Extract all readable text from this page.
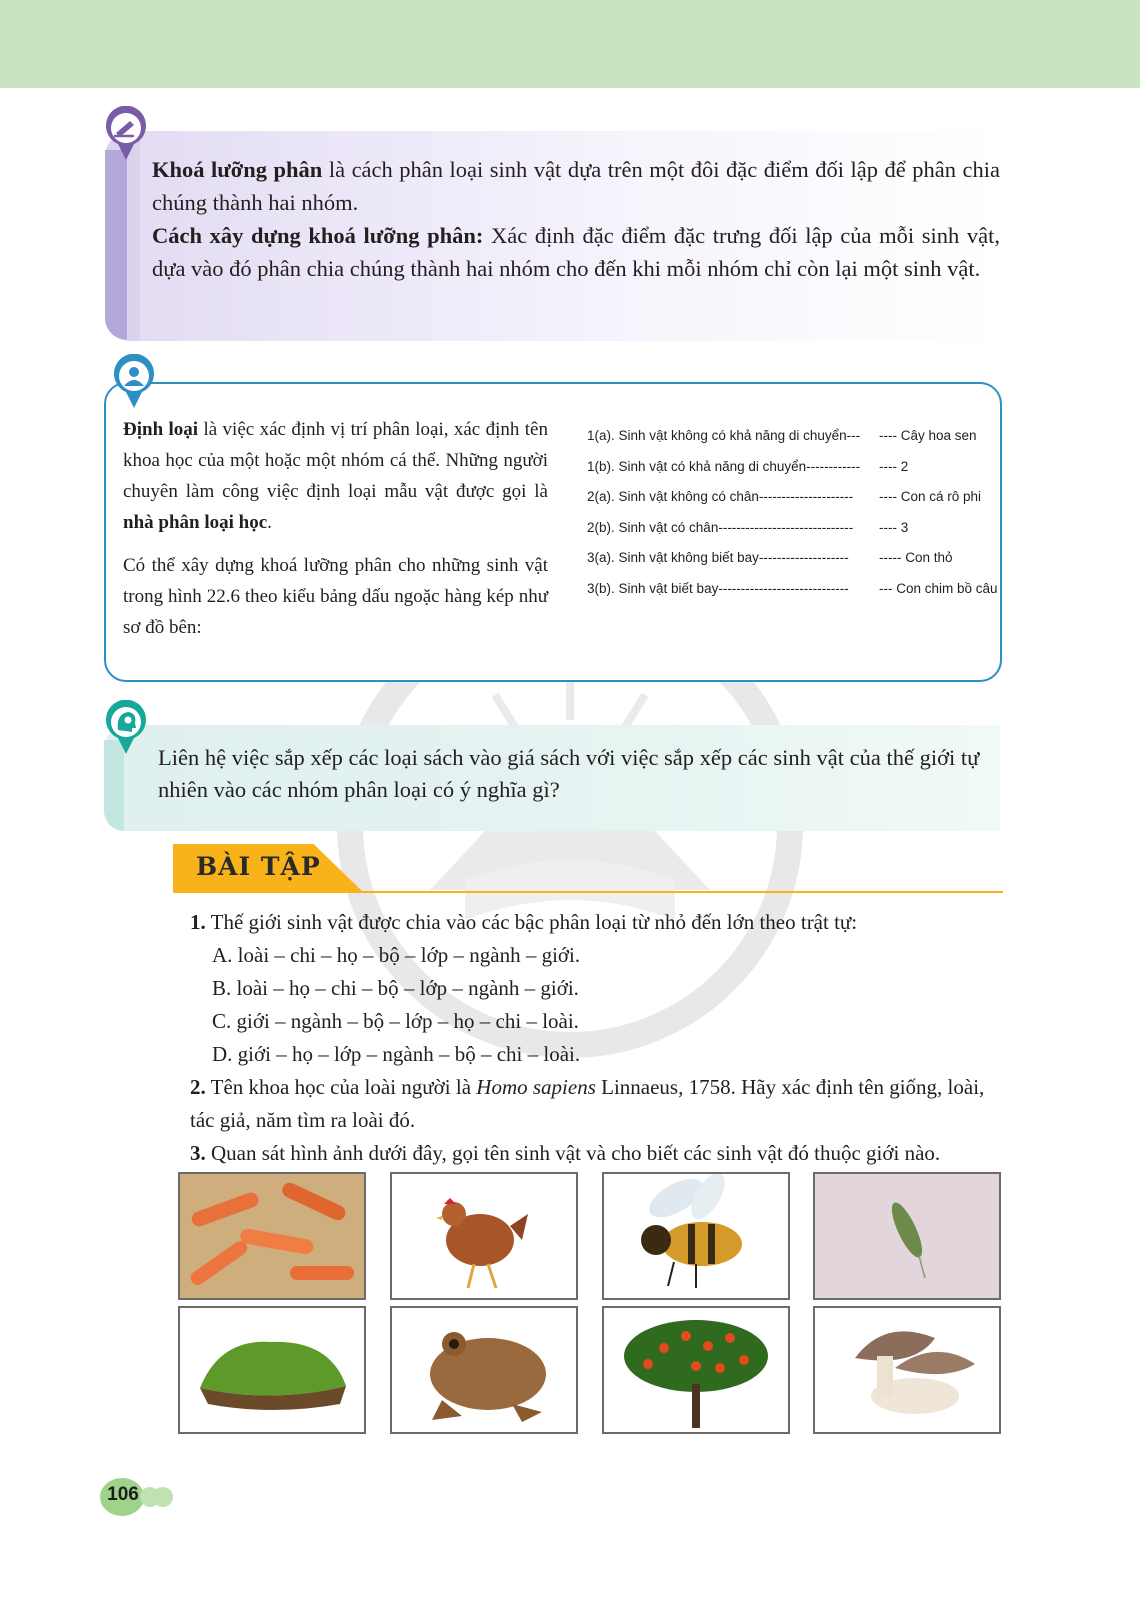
Khoá lưỡng phân là cách phân loại sinh vật dựa trên một đôi đặc điểm đối lập để phân chia chúng thành hai nhóm.

Cách xây dựng khoá lưỡng phân: Xác định đặc điểm đặc trưng đối lập của mỗi sinh vật, dựa vào đó phân chia chúng thành hai nhóm cho đến khi mỗi nhóm chỉ còn lại một sinh vật.

Định loại là việc xác định vị trí phân loại, xác định tên khoa học của một hoặc một nhóm cá thể. Những người chuyên làm công việc định loại mẫu vật được gọi là nhà phân loại học.

Có thể xây dựng khoá lưỡng phân cho những sinh vật trong hình 22.6 theo kiểu bảng dấu ngoặc hàng kép như sơ đồ bên:

1(a). Sinh vật không có khả năng di chuyển--- ---- Cây hoa sen
1(b). Sinh vật có khả năng di chuyển------------ ---- 2
2(a). Sinh vật không có chân--------------------- ---- Con cá rô phi
2(b). Sinh vật có chân------------------------------ ---- 3
3(a). Sinh vật không biết bay-------------------- ----- Con thỏ
3(b). Sinh vật biết bay----------------------------- --- Con chim bồ câu
Liên hệ việc sắp xếp các loại sách vào giá sách với việc sắp xếp các sinh vật của thế giới tự nhiên vào các nhóm phân loại có ý nghĩa gì?
BÀI TẬP

1. Thế giới sinh vật được chia vào các bậc phân loại từ nhỏ đến lớn theo trật tự:

A. loài – chi – họ – bộ – lớp – ngành – giới.

B. loài – họ – chi – bộ – lớp – ngành – giới.

C. giới – ngành – bộ – lớp – họ – chi – loài.

D. giới – họ – lớp – ngành – bộ – chi – loài.

2. Tên khoa học của loài người là Homo sapiens Linnaeus, 1758. Hãy xác định tên giống, loài, tác giả, năm tìm ra loài đó.

3. Quan sát hình ảnh dưới đây, gọi tên sinh vật và cho biết các sinh vật đó thuộc giới nào.

106
